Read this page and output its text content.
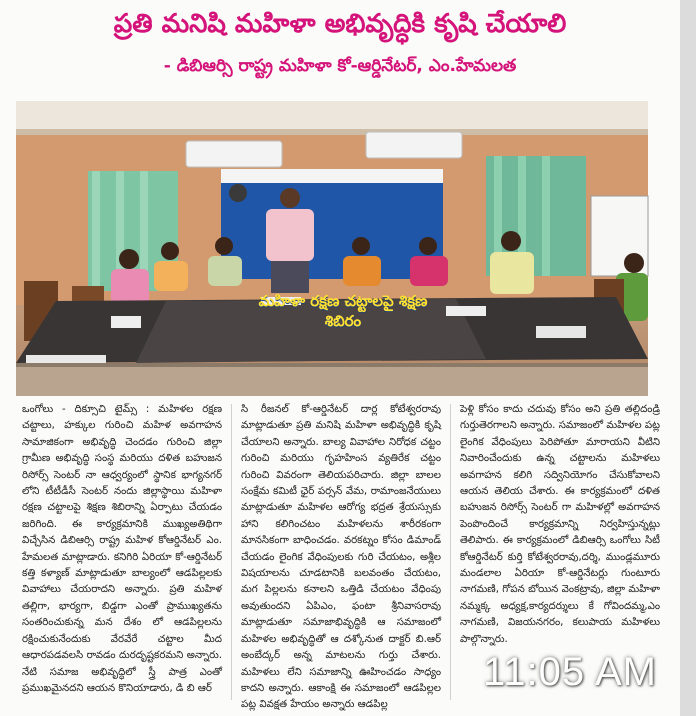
ప్రతి మనిషి మహిళా అభివృద్ధికి కృషి చేయాలి
- డిబిఆర్సి రాష్ట్ర మహిళా కో-ఆర్డినేటర్, ఎం.హేమలత
మహిళా రక్షణ చట్టాలపై శిక్షణ శిబిరం
ఒంగోలు - దిక్సూచి టైమ్స్ : మహిళల రక్షణ చట్టాలు, హక్కుల గురించి మహిళ అవగాహన సామాజికంగా అభివృద్ధి చెందడం గురించి జిల్లా గ్రామీణ అభివృద్ధి సంస్థ మరియు దళిత బహుజన రిసోర్స్ సెంటర్ నా ఆధ్వర్యంలో స్థానిక భాగ్యనగర్ లోని టీటీడీసీ సెంటర్ నందు జిల్లాస్థాయి మహిళా రక్షణ చట్టాలపై శిక్షణ శిబిరాన్ని ఏర్పాటు చేయడం జరిగింది. ఈ కార్యక్రమానికి ముఖ్యఅతిథిగా విచ్చేసిన డిబిఆర్సి రాష్ట్ర మహిళ కోఆర్డినేటర్ ఎం. హేమలత మాట్లాడారు. కనిగిరి ఏరియా కో-ఆర్డినేటర్ కత్తి కళ్యాణ్ మాట్లాడుతూ బాల్యంలో ఆడపిల్లలకు వివాహాలు చేయరాదని అన్నారు. ప్రతి మహిళ తల్లిగా, భార్యగా, బిడ్డగా ఎంతో ప్రాముఖ్యతను సంతరించుకున్న మన దేశం లో ఆడపిల్లలను రక్షించుకునేందుకు వేరవేరే చట్టాల మీద ఆధారపడవలసి రావడం దురదృష్టకరమని అన్నారు. నేటి సమాజ అభివృద్ధిలో స్త్రీ పాత్ర ఎంతో ప్రముఖమైనదని ఆయన కొనియాడారు, డి బి ఆర్
సి రీజనల్ కో-ఆర్డినేటర్ దార్ల కోటేశ్వరరావు మాట్లాడుతూ ప్రతి మనిషి మహిళా అభివృద్ధికి కృషి చేయాలని అన్నారు. బాల్య వివాహాల నిరోధక చట్టం గురించి మరియు గృహహింస వ్యతిరేక చట్టం గురించి వివరంగా తెలియపరిచారు. జిల్లా బాలల సంక్షేమ కమిటీ ఛైర్ పర్సన్ వేమ, రామాంజనేయులు మాట్లాడుతూ మహిళల ఆరోగ్య భద్రత శ్రేయస్సుకు హాని కలిగించటం మహిళలను శారీరకంగా మానసికంగా బాధించడం. వరకట్నం కోసం డిమాండ్ చేయడం లైంగిక వేధింపులకు గురి చేయటం, అశ్లీల విషయాలను చూడటానికి బలవంతం చేయటం, మగ పిల్లలను కనాలని ఒత్తిడి చేయటం వేధింపు అవుతుందని ఏపిఎం, ఫంటా శ్రీనివాసరావు మాట్లాడుతూ సమాజాభివృద్ధికి ఆ సమాజంలో మహిళల అభివృద్ధితో ఆ దశ్కోనుత దాక్టర్ బి.ఆర్ అంబేద్కర్ అన్న మాటలను గుర్తు చేశారు. మహిళలు లేని సమాజాన్ని ఊహించడం సాధ్యం కాదని అన్నారు. ఆకాంక్షి ఈ సమాజంలో ఆడపిల్లల పట్ల వివక్షత హేయం అన్నారు ఆడపిల్ల
పెళ్లి కోసం కాదు చదువు కోసం అని ప్రతి తల్లిదండ్రి గుర్తుతెరగాలని అన్నారు. సమాజంలో మహిళల పట్ల లైంగిక వేధింపులు పెరిపోతూ మారాయని వీటిని నివారించేందుకు ఉన్న చట్టాలను మహిళలు అవగాహన కలిగి సద్వినియోగం చేసుకోవాలని ఆయన తెలియ చేశారు. ఈ కార్యక్రమంలో దళిత బహుజన రిసోర్స్ సెంటర్ గా మహిళల్లో అవగాహన పెంపొందించే కార్యక్రమాన్ని నిర్వహిస్తున్నట్లు తెలిపారు. ఈ కార్యక్రమంలో డిబిఆర్సి ఒంగోలు సిటీ కోఆర్డినేటర్ కుర్తి కోటేశ్వరరావు,దర్శి, ముండ్లమూరు మండలాల ఏరియా కో-ఆర్డినేటర్లు గుంటూరు నాగమణి, గోపన బోయిన వెంకట్రావు, జిల్లా మహిళా నమ్మక్క అధ్యక్ష,కార్యదర్శులు కే గోవిందమ్మ,ఎం నాగమణి, విజయనగరం, కలుపాయ మహిళలు పాల్గొన్నారు.
11:05 AM
